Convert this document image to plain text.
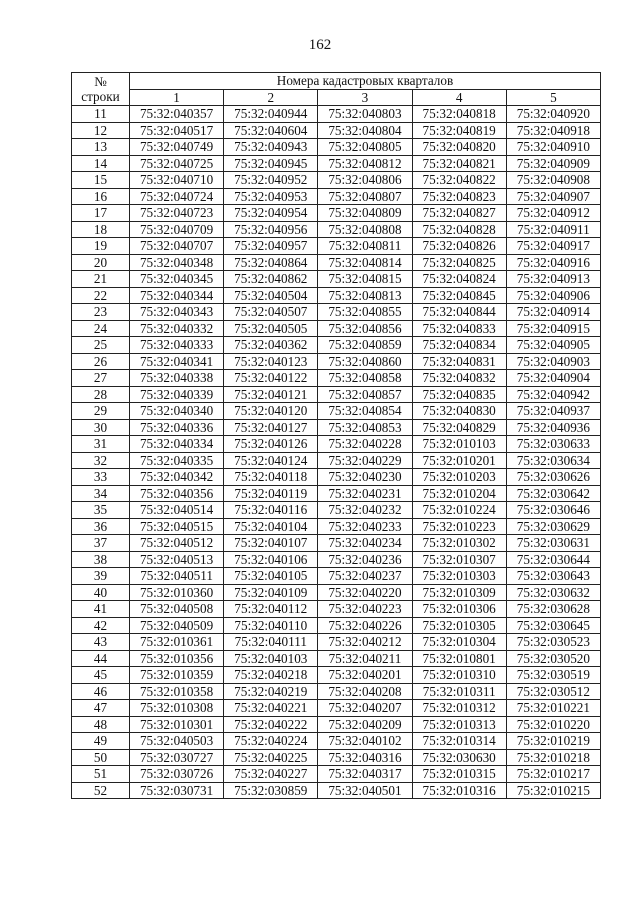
162
№
строки	Номера кадастровых кварталов				
	1	2	3	4	5
11	75:32:040357	75:32:040944	75:32:040803	75:32:040818	75:32:040920
12	75:32:040517	75:32:040604	75:32:040804	75:32:040819	75:32:040918
13	75:32:040749	75:32:040943	75:32:040805	75:32:040820	75:32:040910
14	75:32:040725	75:32:040945	75:32:040812	75:32:040821	75:32:040909
15	75:32:040710	75:32:040952	75:32:040806	75:32:040822	75:32:040908
16	75:32:040724	75:32:040953	75:32:040807	75:32:040823	75:32:040907
17	75:32:040723	75:32:040954	75:32:040809	75:32:040827	75:32:040912
18	75:32:040709	75:32:040956	75:32:040808	75:32:040828	75:32:040911
19	75:32:040707	75:32:040957	75:32:040811	75:32:040826	75:32:040917
20	75:32:040348	75:32:040864	75:32:040814	75:32:040825	75:32:040916
21	75:32:040345	75:32:040862	75:32:040815	75:32:040824	75:32:040913
22	75:32:040344	75:32:040504	75:32:040813	75:32:040845	75:32:040906
23	75:32:040343	75:32:040507	75:32:040855	75:32:040844	75:32:040914
24	75:32:040332	75:32:040505	75:32:040856	75:32:040833	75:32:040915
25	75:32:040333	75:32:040362	75:32:040859	75:32:040834	75:32:040905
26	75:32:040341	75:32:040123	75:32:040860	75:32:040831	75:32:040903
27	75:32:040338	75:32:040122	75:32:040858	75:32:040832	75:32:040904
28	75:32:040339	75:32:040121	75:32:040857	75:32:040835	75:32:040942
29	75:32:040340	75:32:040120	75:32:040854	75:32:040830	75:32:040937
30	75:32:040336	75:32:040127	75:32:040853	75:32:040829	75:32:040936
31	75:32:040334	75:32:040126	75:32:040228	75:32:010103	75:32:030633
32	75:32:040335	75:32:040124	75:32:040229	75:32:010201	75:32:030634
33	75:32:040342	75:32:040118	75:32:040230	75:32:010203	75:32:030626
34	75:32:040356	75:32:040119	75:32:040231	75:32:010204	75:32:030642
35	75:32:040514	75:32:040116	75:32:040232	75:32:010224	75:32:030646
36	75:32:040515	75:32:040104	75:32:040233	75:32:010223	75:32:030629
37	75:32:040512	75:32:040107	75:32:040234	75:32:010302	75:32:030631
38	75:32:040513	75:32:040106	75:32:040236	75:32:010307	75:32:030644
39	75:32:040511	75:32:040105	75:32:040237	75:32:010303	75:32:030643
40	75:32:010360	75:32:040109	75:32:040220	75:32:010309	75:32:030632
41	75:32:040508	75:32:040112	75:32:040223	75:32:010306	75:32:030628
42	75:32:040509	75:32:040110	75:32:040226	75:32:010305	75:32:030645
43	75:32:010361	75:32:040111	75:32:040212	75:32:010304	75:32:030523
44	75:32:010356	75:32:040103	75:32:040211	75:32:010801	75:32:030520
45	75:32:010359	75:32:040218	75:32:040201	75:32:010310	75:32:030519
46	75:32:010358	75:32:040219	75:32:040208	75:32:010311	75:32:030512
47	75:32:010308	75:32:040221	75:32:040207	75:32:010312	75:32:010221
48	75:32:010301	75:32:040222	75:32:040209	75:32:010313	75:32:010220
49	75:32:040503	75:32:040224	75:32:040102	75:32:010314	75:32:010219
50	75:32:030727	75:32:040225	75:32:040316	75:32:030630	75:32:010218
51	75:32:030726	75:32:040227	75:32:040317	75:32:010315	75:32:010217
52	75:32:030731	75:32:030859	75:32:040501	75:32:010316	75:32:010215
